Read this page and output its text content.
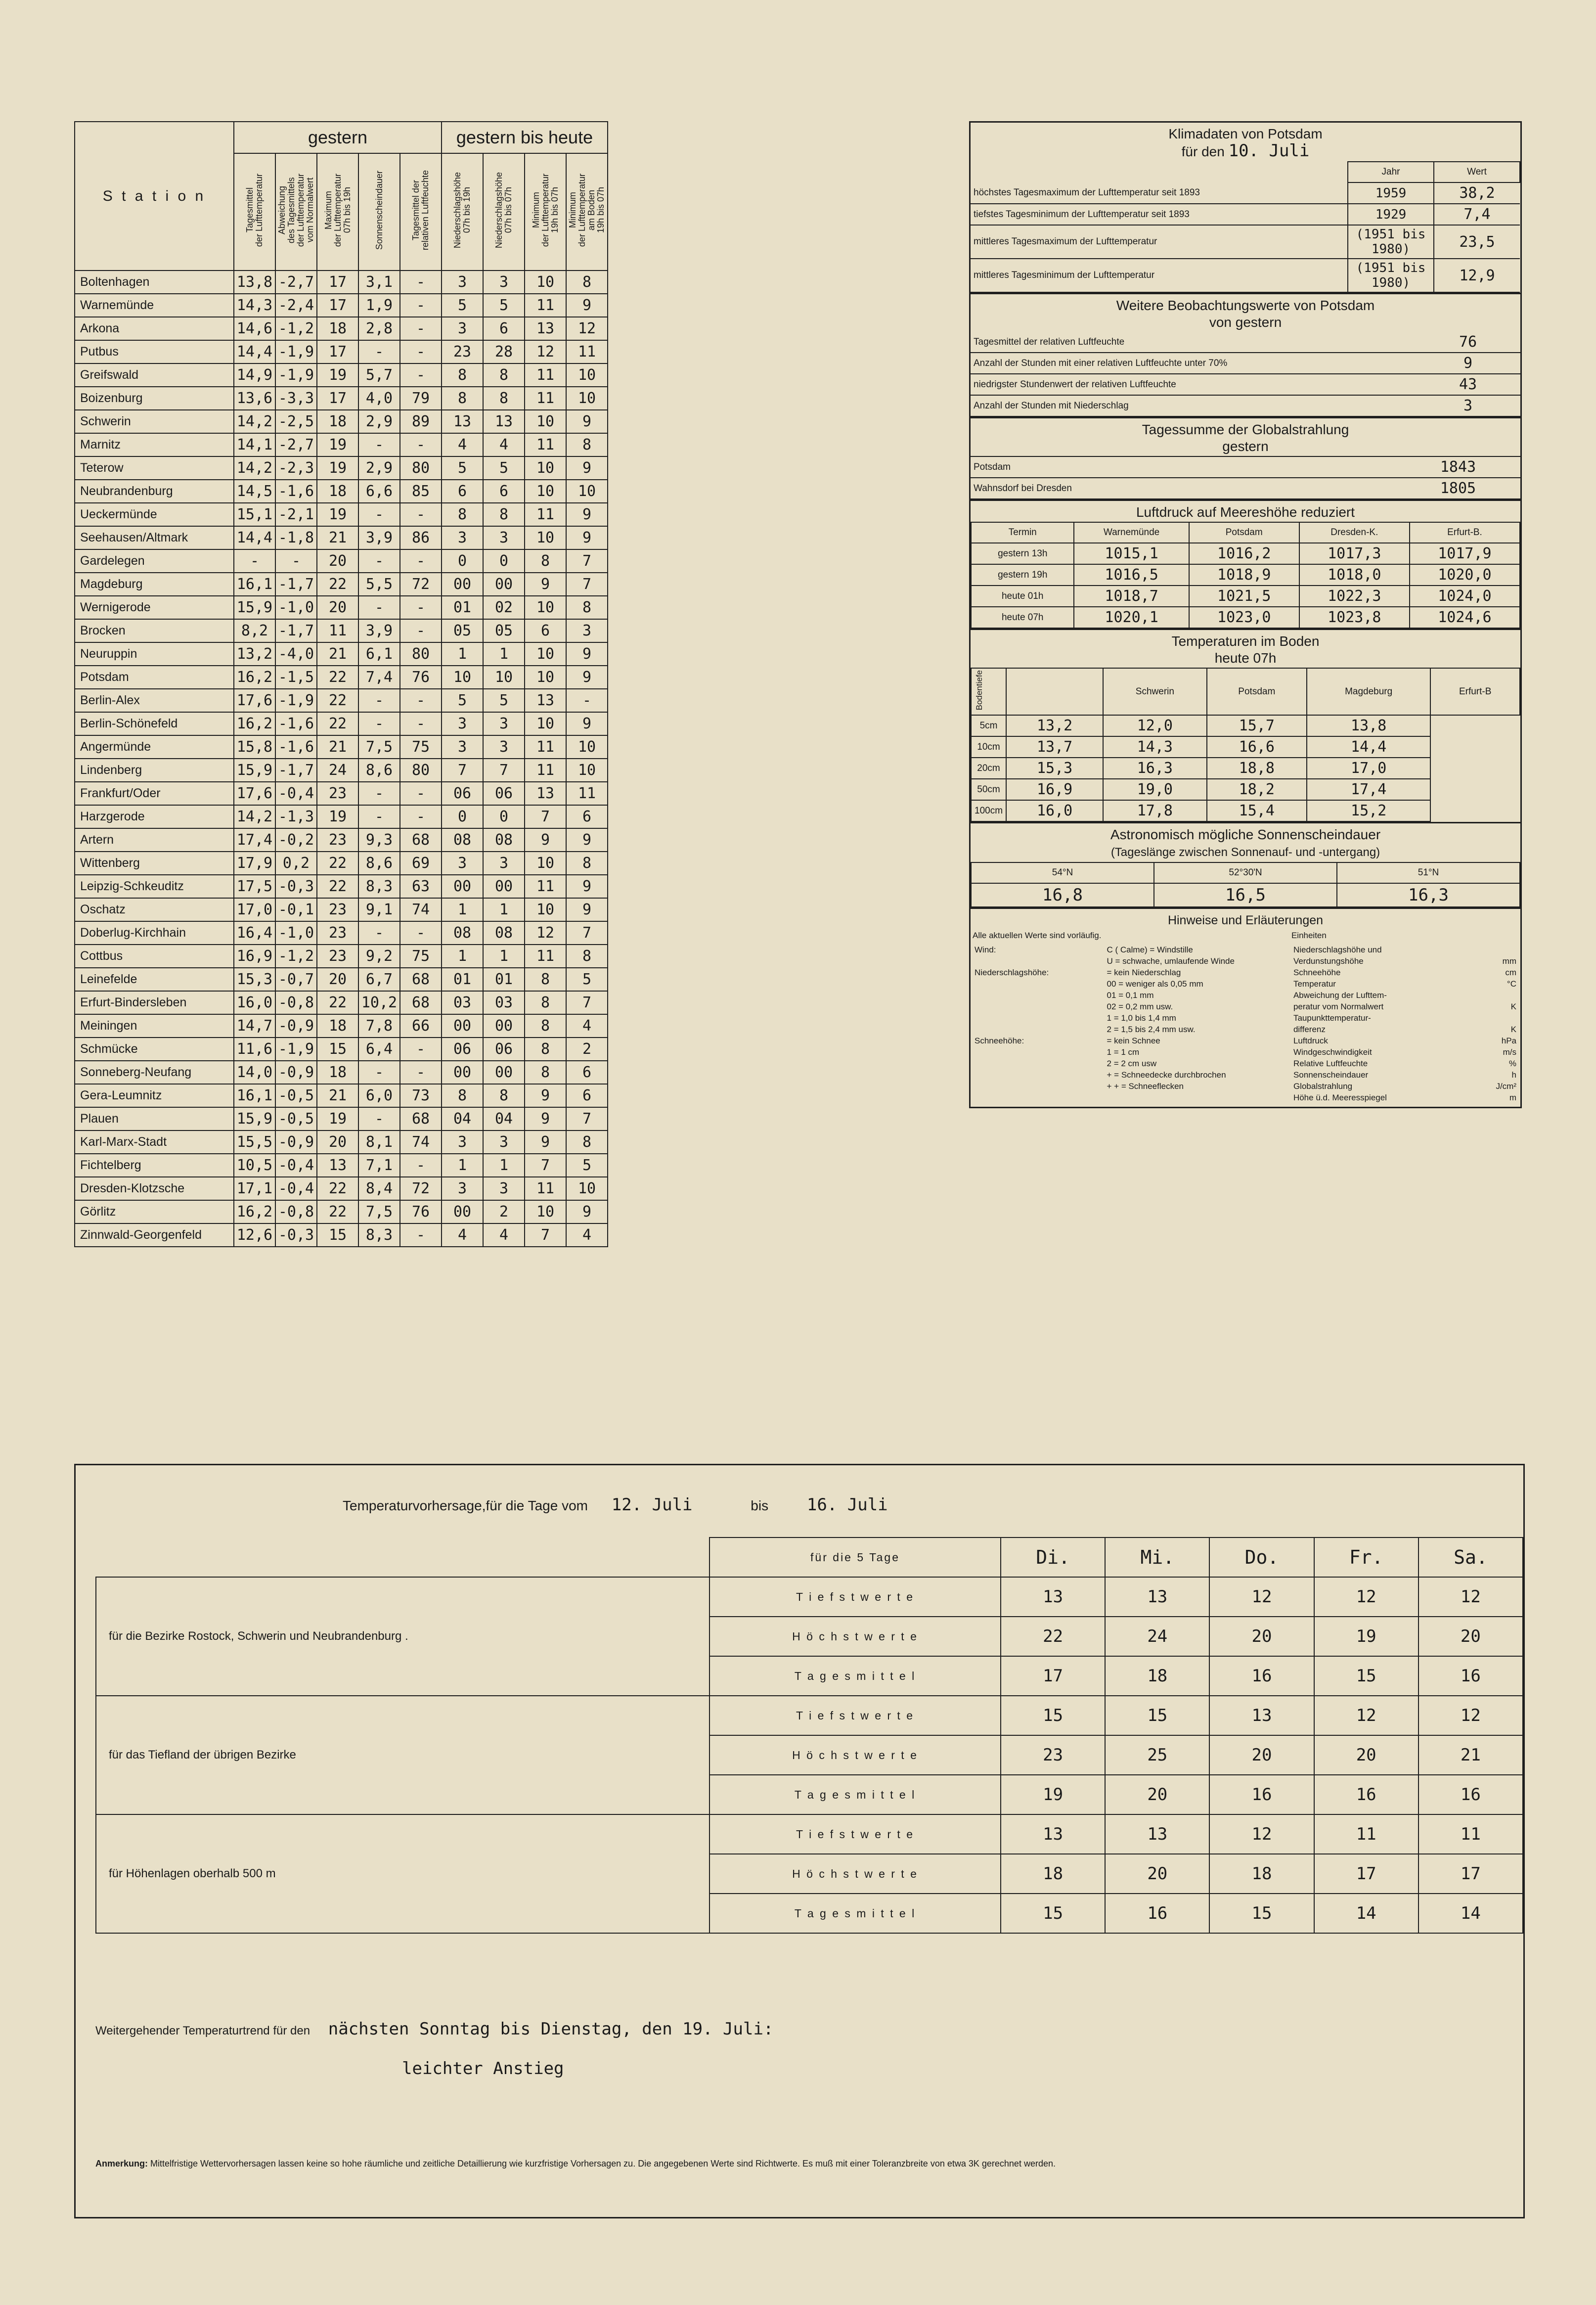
S t a t i o n	gestern					gestern bis heute			
	Tagesmittel
der Lufttemperatur	Abweichung
des Tagesmittels
der Lufttemperatur
vom Normalwert	Maximum
der Lufttemperatur
07h bis 19h	Sonnenscheindauer	Tagesmittel der
relativen Luftfeuchte	Niederschlagshöhe
07h bis 19h	Niederschlagshöhe
07h bis 07h	Minimum
der Lufttemperatur
19h bis 07h	Minimum
der Lufttemperatur
am Boden
19h bis 07h
Boltenhagen	13,8	-2,7	17	3,1	-	3	3	10	8
Warnemünde	14,3	-2,4	17	1,9	-	5	5	11	9
Arkona	14,6	-1,2	18	2,8	-	3	6	13	12
Putbus	14,4	-1,9	17	-	-	23	28	12	11
Greifswald	14,9	-1,9	19	5,7	-	8	8	11	10
Boizenburg	13,6	-3,3	17	4,0	79	8	8	11	10
Schwerin	14,2	-2,5	18	2,9	89	13	13	10	9
Marnitz	14,1	-2,7	19	-	-	4	4	11	8
Teterow	14,2	-2,3	19	2,9	80	5	5	10	9
Neubrandenburg	14,5	-1,6	18	6,6	85	6	6	10	10
Ueckermünde	15,1	-2,1	19	-	-	8	8	11	9
Seehausen/Altmark	14,4	-1,8	21	3,9	86	3	3	10	9
Gardelegen	-	-	20	-	-	0	0	8	7
Magdeburg	16,1	-1,7	22	5,5	72	00	00	9	7
Wernigerode	15,9	-1,0	20	-	-	01	02	10	8
Brocken	8,2	-1,7	11	3,9	-	05	05	6	3
Neuruppin	13,2	-4,0	21	6,1	80	1	1	10	9
Potsdam	16,2	-1,5	22	7,4	76	10	10	10	9
Berlin-Alex	17,6	-1,9	22	-	-	5	5	13	-
Berlin-Schönefeld	16,2	-1,6	22	-	-	3	3	10	9
Angermünde	15,8	-1,6	21	7,5	75	3	3	11	10
Lindenberg	15,9	-1,7	24	8,6	80	7	7	11	10
Frankfurt/Oder	17,6	-0,4	23	-	-	06	06	13	11
Harzgerode	14,2	-1,3	19	-	-	0	0	7	6
Artern	17,4	-0,2	23	9,3	68	08	08	9	9
Wittenberg	17,9	0,2	22	8,6	69	3	3	10	8
Leipzig-Schkeuditz	17,5	-0,3	22	8,3	63	00	00	11	9
Oschatz	17,0	-0,1	23	9,1	74	1	1	10	9
Doberlug-Kirchhain	16,4	-1,0	23	-	-	08	08	12	7
Cottbus	16,9	-1,2	23	9,2	75	1	1	11	8
Leinefelde	15,3	-0,7	20	6,7	68	01	01	8	5
Erfurt-Bindersleben	16,0	-0,8	22	10,2	68	03	03	8	7
Meiningen	14,7	-0,9	18	7,8	66	00	00	8	4
Schmücke	11,6	-1,9	15	6,4	-	06	06	8	2
Sonneberg-Neufang	14,0	-0,9	18	-	-	00	00	8	6
Gera-Leumnitz	16,1	-0,5	21	6,0	73	8	8	9	6
Plauen	15,9	-0,5	19	-	68	04	04	9	7
Karl-Marx-Stadt	15,5	-0,9	20	8,1	74	3	3	9	8
Fichtelberg	10,5	-0,4	13	7,1	-	1	1	7	5
Dresden-Klotzsche	17,1	-0,4	22	8,4	72	3	3	11	10
Görlitz	16,2	-0,8	22	7,5	76	00	2	10	9
Zinnwald-Georgenfeld	12,6	-0,3	15	8,3	-	4	4	7	4
Klimadaten von Potsdam
für den 10. Juli
	Jahr	Wert
höchstes Tagesmaximum der Lufttemperatur seit 1893	1959	38,2
tiefstes Tagesminimum der Lufttemperatur seit 1893	1929	7,4
mittleres Tagesmaximum der Lufttemperatur	(1951 bis 1980)	23,5
mittleres Tagesminimum der Lufttemperatur	(1951 bis 1980)	12,9
Weitere Beobachtungswerte von Potsdam
von gestern
Tagesmittel der relativen Luftfeuchte	76
Anzahl der Stunden mit einer relativen Luftfeuchte unter 70%	9
niedrigster Stundenwert der relativen Luftfeuchte	43
Anzahl der Stunden mit Niederschlag	3
Tagessumme der Globalstrahlung
gestern
Potsdam	1843
Wahnsdorf bei Dresden	1805
Luftdruck auf Meereshöhe reduziert
Termin	Warnemünde	Potsdam	Dresden-K.	Erfurt-B.
gestern 13h	1015,1	1016,2	1017,3	1017,9
gestern 19h	1016,5	1018,9	1018,0	1020,0
heute 01h	1018,7	1021,5	1022,3	1024,0
heute 07h	1020,1	1023,0	1023,8	1024,6
Temperaturen im Boden
heute 07h
Bodentiefe		Schwerin	Potsdam	Magdeburg	Erfurt-B
5cm	13,2	12,0	15,7	13,8	
10cm	13,7	14,3	16,6	14,4	
20cm	15,3	16,3	18,8	17,0	
50cm	16,9	19,0	18,2	17,4	
100cm	16,0	17,8	15,4	15,2	
Astronomisch mögliche Sonnenscheindauer
(Tageslänge zwischen Sonnenauf- und -untergang)
54°N	52°30'N	51°N
16,8	16,5	16,3
Hinweise und Erläuterungen
Alle aktuellen Werte sind vorläufig.	Einheiten
Wind:	C ( Calme) = Windstille
	U = schwache, umlaufende Winde
Niederschlagshöhe:	= kein Niederschlag
	00 = weniger als 0,05 mm
	01 = 0,1 mm
	02 = 0,2 mm usw.
	1 = 1,0 bis 1,4 mm
	2 = 1,5 bis 2,4 mm usw.
Schneehöhe:	= kein Schnee
	1 = 1 cm
	2 = 2 cm usw
	+ = Schneedecke durchbrochen
	+ + = Schneeflecken

Niederschlagshöhe und	
Verdunstungshöhe	mm
Schneehöhe	cm
Temperatur	°C
Abweichung der Lufttem-	
peratur vom Normalwert	K
Taupunkttemperatur-	
differenz	K
Luftdruck	hPa
Windgeschwindigkeit	m/s
Relative Luftfeuchte	%
Sonnenscheindauer	h
Globalstrahlung	J/cm²
Höhe ü.d. Meeresspiegel	m
Temperaturvorhersage,für die Tage vom 12. Juli	bis 16. Juli
	für die 5 Tage	Di.	Mi.	Do.	Fr.	Sa.
für die Bezirke Rostock, Schwerin und Neubrandenburg .	T i e f s t w e r t e	13	13	12	12	12
	H ö c h s t w e r t e	22	24	20	19	20
	T a g e s m i t t e l	17	18	16	15	16
für das Tiefland der übrigen Bezirke	T i e f s t w e r t e	15	15	13	12	12
	H ö c h s t w e r t e	23	25	20	20	21
	T a g e s m i t t e l	19	20	16	16	16
für Höhenlagen oberhalb 500 m	T i e f s t w e r t e	13	13	12	11	11
	H ö c h s t w e r t e	18	20	18	17	17
	T a g e s m i t t e l	15	16	15	14	14
Weitergehender Temperaturtrend für den nächsten Sonntag bis Dienstag, den 19. Juli:
leichter Anstieg
Anmerkung: Mittelfristige Wettervorhersagen lassen keine so hohe räumliche und zeitliche Detaillierung wie kurzfristige Vorhersagen zu. Die angegebenen Werte sind Richtwerte. Es muß mit einer Toleranzbreite von etwa 3K gerechnet werden.
